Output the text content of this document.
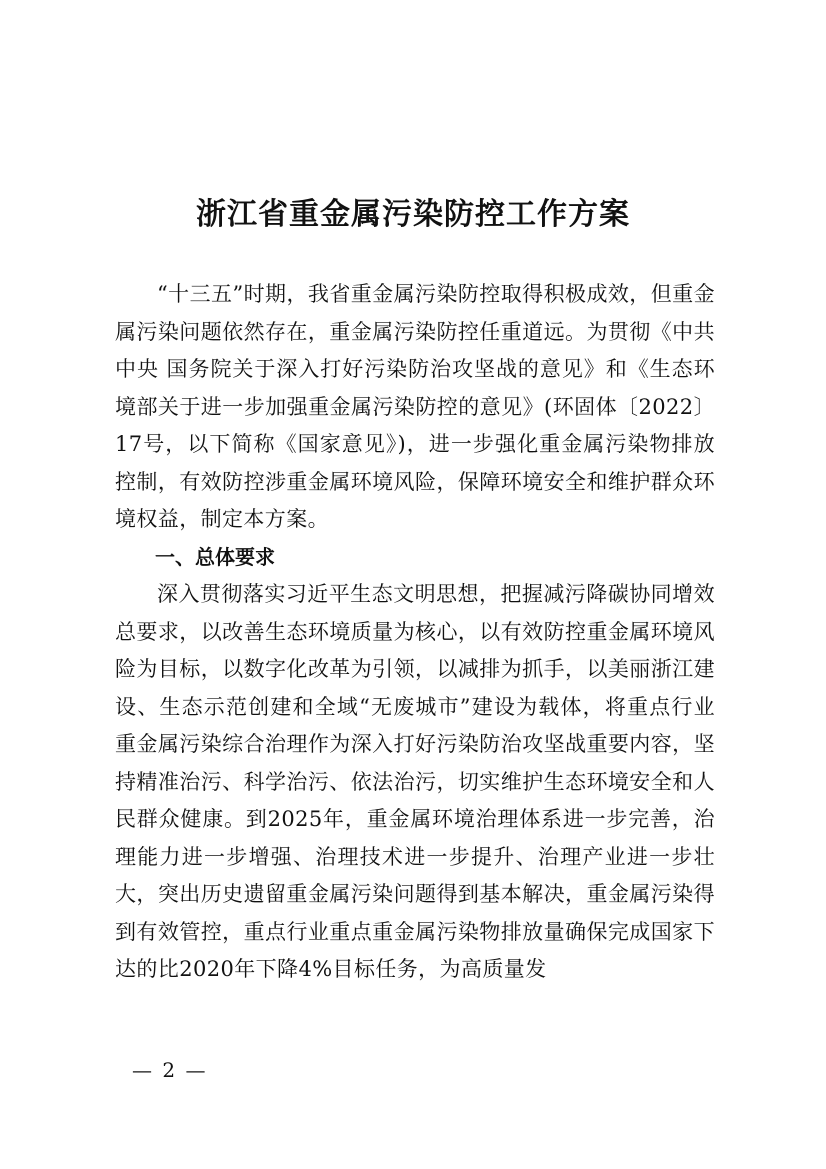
浙江省重金属污染防控工作方案

“十三五”时期，我省重金属污染防控取得积极成效，但重金属污染问题依然存在，重金属污染防控任重道远。为贯彻《中共中央 国务院关于深入打好污染防治攻坚战的意见》和《生态环境部关于进一步加强重金属污染防控的意见》(环固体〔2022〕17号，以下简称《国家意见》)，进一步强化重金属污染物排放控制，有效防控涉重金属环境风险，保障环境安全和维护群众环境权益，制定本方案。

一、总体要求

深入贯彻落实习近平生态文明思想，把握减污降碳协同增效总要求，以改善生态环境质量为核心，以有效防控重金属环境风险为目标，以数字化改革为引领，以减排为抓手，以美丽浙江建设、生态示范创建和全域“无废城市”建设为载体，将重点行业重金属污染综合治理作为深入打好污染防治攻坚战重要内容，坚持精准治污、科学治污、依法治污，切实维护生态环境安全和人民群众健康。到2025年，重金属环境治理体系进一步完善，治理能力进一步增强、治理技术进一步提升、治理产业进一步壮大，突出历史遗留重金属污染问题得到基本解决，重金属污染得到有效管控，重点行业重点重金属污染物排放量确保完成国家下达的比2020年下降4%目标任务，为高质量发

— 2 —
